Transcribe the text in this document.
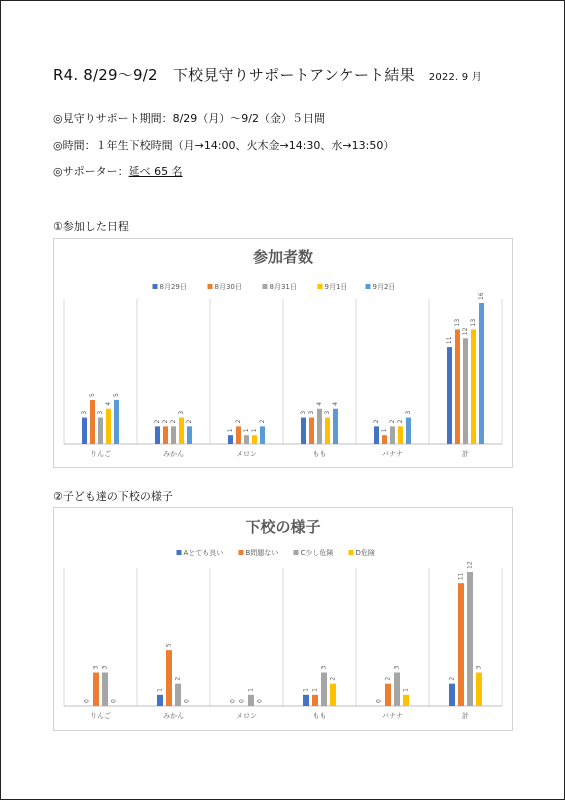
R4. 8/29～9/2　下校見守りサポートアンケート結果 2022. 9 月
◎見守りサポート期間：8/29（月）～9/2（金）５日間
◎時間：１年生下校時間（月→14:00、火木金→14:30、水→13:50）
◎サポーター：延べ 65 名
①参加した日程
参加者数
8月29日	8月30日	8月31日	9月1日	9月2日
3
5
3
4
5
りんご
2 2 2
3
2
みかん
1
2
1 1
2
メロン
3 3
4
3
4
もも
2
1
2 2
3
バナナ
11
13
12
13
16
計
②子ども達の下校の様子
下校の様子
Aとても良い	B問題ない	C少し危険	D危険
0
3 3
0
りんご
1
5
2
0
みかん
0 0
1
0
メロン
1 1
3
2
もも
0
2
3
1
バナナ
2
11
12
3
計
